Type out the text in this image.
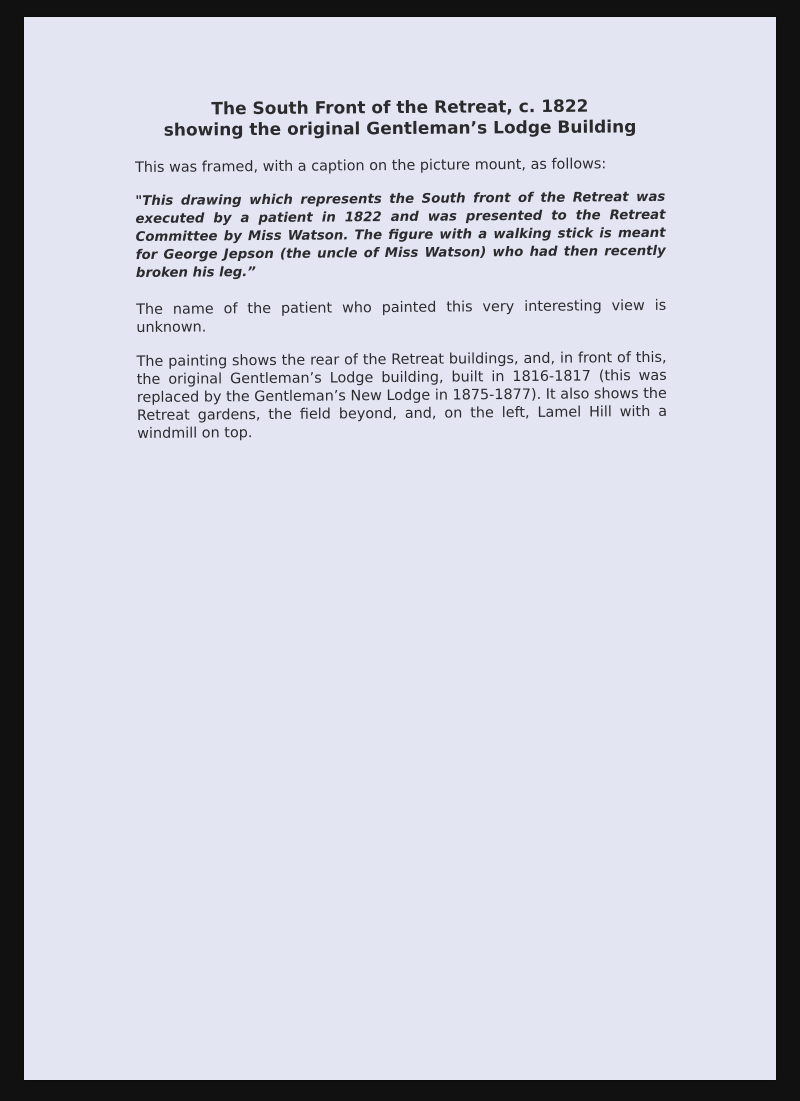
The South Front of the Retreat, c. 1822
showing the original Gentleman’s Lodge Building

This was framed, with a caption on the picture mount, as follows:

"This drawing which represents the South front of the Retreat was executed by a patient in 1822 and was presented to the Retreat Committee by Miss Watson. The figure with a walking stick is meant for George Jepson (the uncle of Miss Watson) who had then recently broken his leg.”

The name of the patient who painted this very interesting view is unknown.

The painting shows the rear of the Retreat buildings, and, in front of this, the original Gentleman’s Lodge building, built in 1816-1817 (this was replaced by the Gentleman’s New Lodge in 1875-1877). It also shows the Retreat gardens, the field beyond, and, on the left, Lamel Hill with a windmill on top.
